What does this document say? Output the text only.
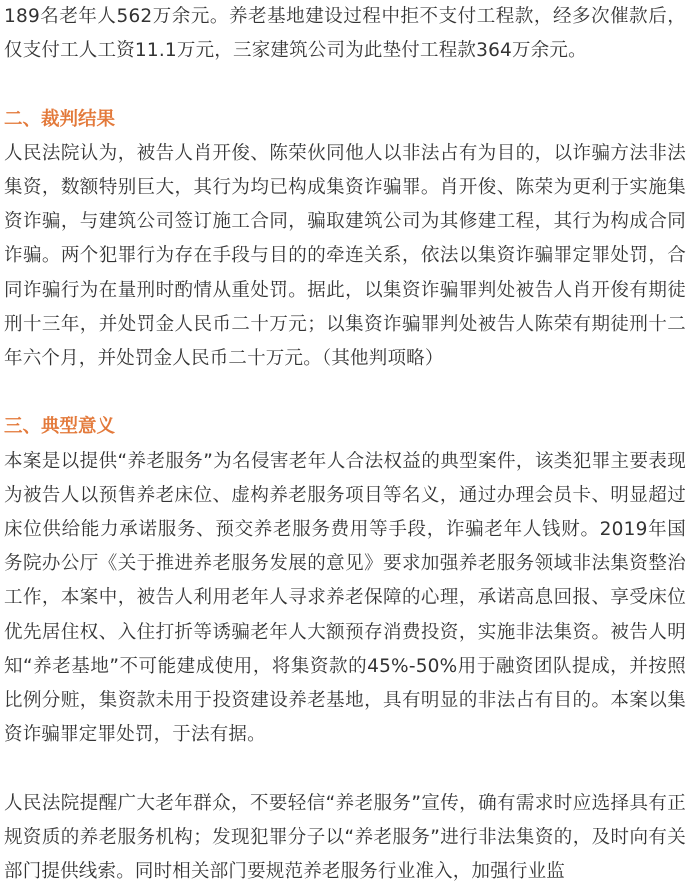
189名老年人562万余元。养老基地建设过程中拒不支付工程款，经多次催款后，仅支付工人工资11.1万元，三家建筑公司为此垫付工程款364万余元。

二、裁判结果

人民法院认为，被告人肖开俊、陈荣伙同他人以非法占有为目的，以诈骗方法非法集资，数额特别巨大，其行为均已构成集资诈骗罪。肖开俊、陈荣为更利于实施集资诈骗，与建筑公司签订施工合同，骗取建筑公司为其修建工程，其行为构成合同诈骗。两个犯罪行为存在手段与目的的牵连关系，依法以集资诈骗罪定罪处罚，合同诈骗行为在量刑时酌情从重处罚。据此，以集资诈骗罪判处被告人肖开俊有期徒刑十三年，并处罚金人民币二十万元；以集资诈骗罪判处被告人陈荣有期徒刑十二年六个月，并处罚金人民币二十万元。（其他判项略）

三、典型意义

本案是以提供“养老服务”为名侵害老年人合法权益的典型案件，该类犯罪主要表现为被告人以预售养老床位、虚构养老服务项目等名义，通过办理会员卡、明显超过床位供给能力承诺服务、预交养老服务费用等手段，诈骗老年人钱财。2019年国务院办公厅《关于推进养老服务发展的意见》要求加强养老服务领域非法集资整治工作，本案中，被告人利用老年人寻求养老保障的心理，承诺高息回报、享受床位优先居住权、入住打折等诱骗老年人大额预存消费投资，实施非法集资。被告人明知“养老基地”不可能建成使用，将集资款的45%-50%用于融资团队提成，并按照比例分赃，集资款未用于投资建设养老基地，具有明显的非法占有目的。本案以集资诈骗罪定罪处罚，于法有据。

人民法院提醒广大老年群众，不要轻信“养老服务”宣传，确有需求时应选择具有正规资质的养老服务机构；发现犯罪分子以“养老服务”进行非法集资的，及时向有关部门提供线索。同时相关部门要规范养老服务行业准入，加强行业监
